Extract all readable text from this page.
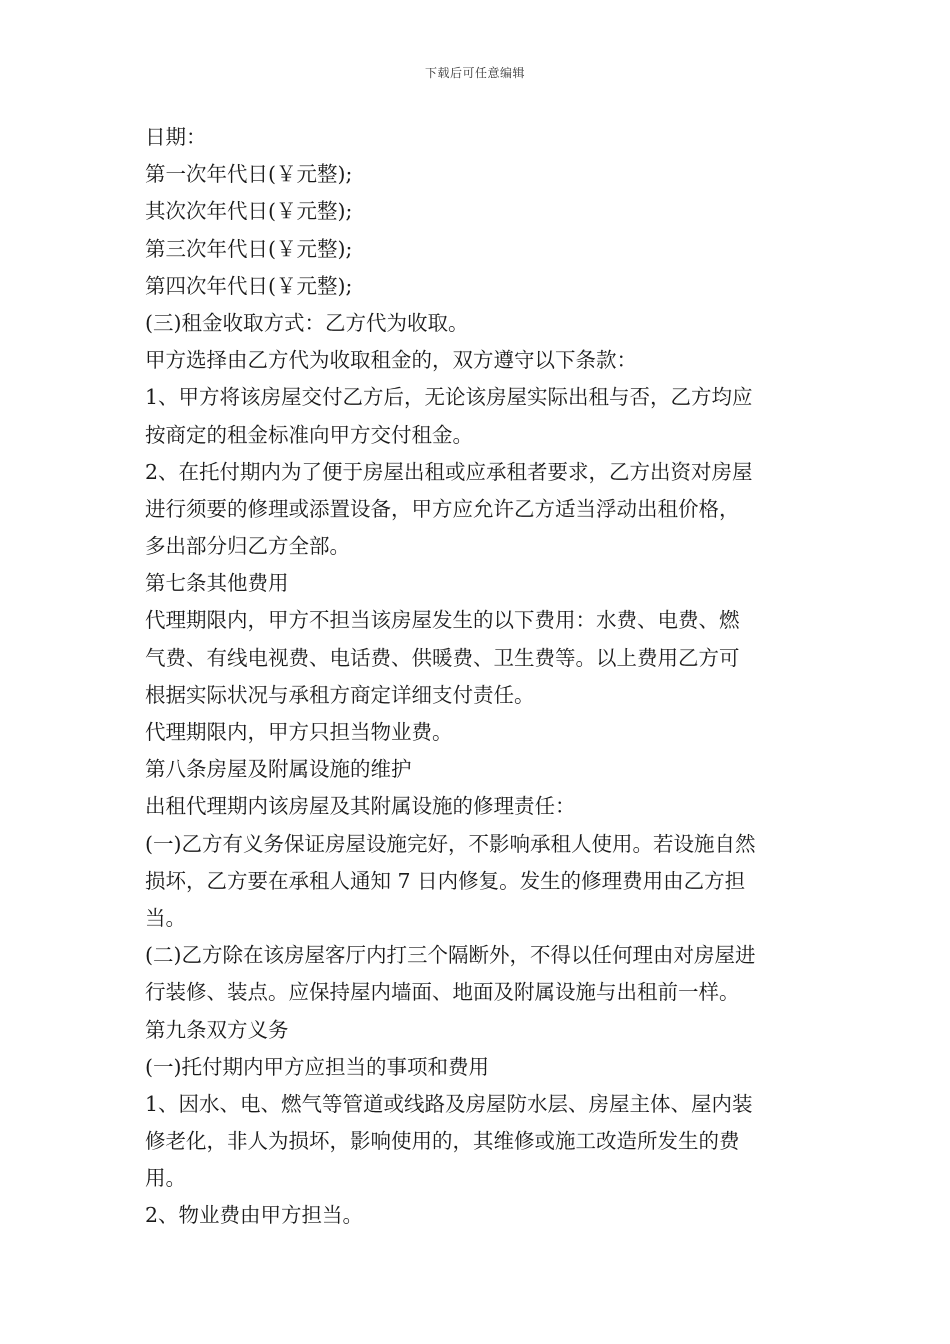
下载后可任意编辑
日期：
第一次年代日(￥元整);
其次次年代日(￥元整);
第三次年代日(￥元整);
第四次年代日(￥元整);
(三)租金收取方式：乙方代为收取。
甲方选择由乙方代为收取租金的，双方遵守以下条款：
1、甲方将该房屋交付乙方后，无论该房屋实际出租与否，乙方均应
按商定的租金标准向甲方交付租金。
2、在托付期内为了便于房屋出租或应承租者要求，乙方出资对房屋
进行须要的修理或添置设备，甲方应允许乙方适当浮动出租价格，
多出部分归乙方全部。
第七条其他费用
代理期限内，甲方不担当该房屋发生的以下费用：水费、电费、燃
气费、有线电视费、电话费、供暖费、卫生费等。以上费用乙方可
根据实际状况与承租方商定详细支付责任。
代理期限内，甲方只担当物业费。
第八条房屋及附属设施的维护
出租代理期内该房屋及其附属设施的修理责任：
(一)乙方有义务保证房屋设施完好，不影响承租人使用。若设施自然
损坏，乙方要在承租人通知 7 日内修复。发生的修理费用由乙方担
当。
(二)乙方除在该房屋客厅内打三个隔断外，不得以任何理由对房屋进
行装修、装点。应保持屋内墙面、地面及附属设施与出租前一样。
第九条双方义务
(一)托付期内甲方应担当的事项和费用
1、因水、电、燃气等管道或线路及房屋防水层、房屋主体、屋内装
修老化，非人为损坏，影响使用的，其维修或施工改造所发生的费
用。
2、物业费由甲方担当。
